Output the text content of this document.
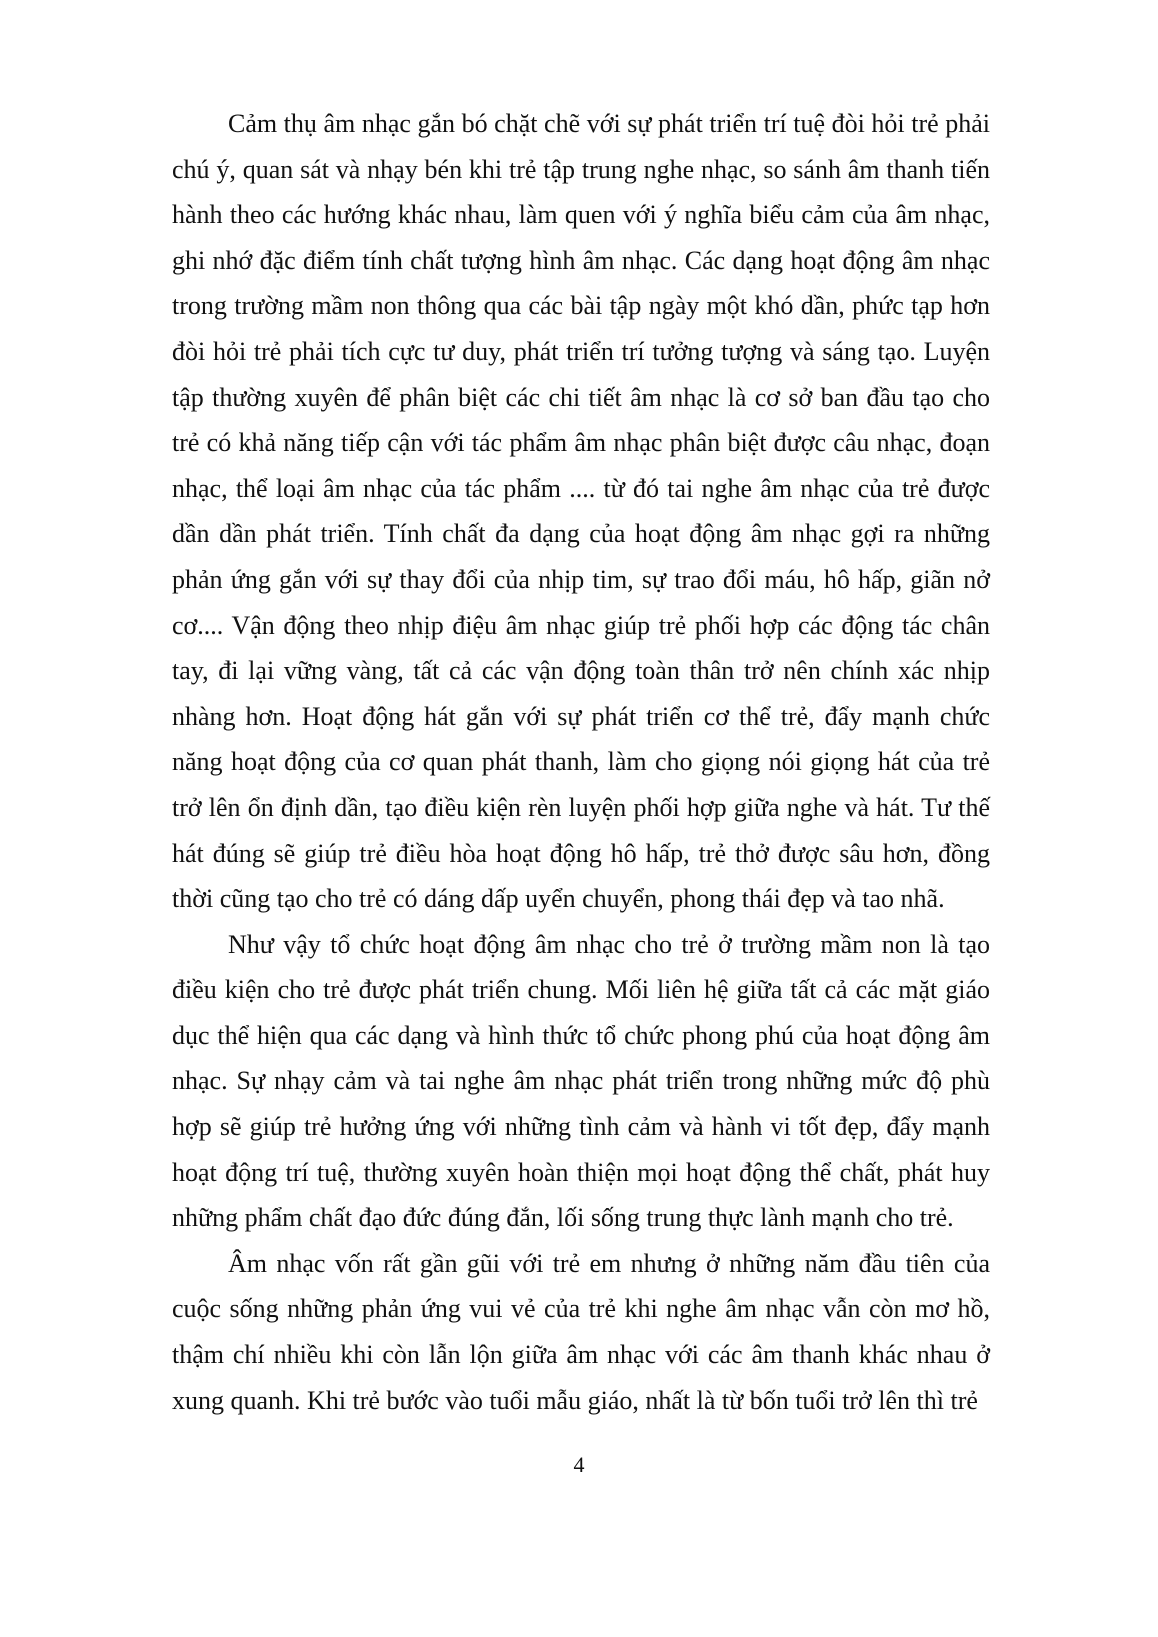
Cảm thụ âm nhạc gắn bó chặt chẽ với sự phát triển trí tuệ đòi hỏi trẻ phải chú ý, quan sát và nhạy bén khi trẻ tập trung nghe nhạc, so sánh âm thanh tiến hành theo các hướng khác nhau, làm quen với ý nghĩa biểu cảm của âm nhạc, ghi nhớ đặc điểm tính chất tượng hình âm nhạc. Các dạng hoạt động âm nhạc trong trường mầm non thông qua các bài tập ngày một khó dần, phức tạp hơn đòi hỏi trẻ phải tích cực tư duy, phát triển trí tưởng tượng và sáng tạo. Luyện tập thường xuyên để phân biệt các chi tiết âm nhạc là cơ sở ban đầu tạo cho trẻ có khả năng tiếp cận với tác phẩm âm nhạc phân biệt được câu nhạc, đoạn nhạc, thể loại âm nhạc của tác phẩm .... từ đó tai nghe âm nhạc của trẻ được dần dần phát triển. Tính chất đa dạng của hoạt động âm nhạc gợi ra những phản ứng gắn với sự thay đổi của nhịp tim, sự trao đổi máu, hô hấp, giãn nở cơ.... Vận động theo nhịp điệu âm nhạc giúp trẻ phối hợp các động tác chân tay, đi lại vững vàng, tất cả các vận động toàn thân trở nên chính xác nhịp nhàng hơn. Hoạt động hát gắn với sự phát triển cơ thể trẻ, đẩy mạnh chức năng hoạt động của cơ quan phát thanh, làm cho giọng nói giọng hát của trẻ trở lên ổn định dần, tạo điều kiện rèn luyện phối hợp giữa nghe và hát. Tư thế hát đúng sẽ giúp trẻ điều hòa hoạt động hô hấp, trẻ thở được sâu hơn, đồng thời cũng tạo cho trẻ có dáng dấp uyển chuyển, phong thái đẹp và tao nhã.

Như vậy tổ chức hoạt động âm nhạc cho trẻ ở trường mầm non là tạo điều kiện cho trẻ được phát triển chung. Mối liên hệ giữa tất cả các mặt giáo dục thể hiện qua các dạng và hình thức tổ chức phong phú của hoạt động âm nhạc. Sự nhạy cảm và tai nghe âm nhạc phát triển trong những mức độ phù hợp sẽ giúp trẻ hưởng ứng với những tình cảm và hành vi tốt đẹp, đẩy mạnh hoạt động trí tuệ, thường xuyên hoàn thiện mọi hoạt động thể chất, phát huy những phẩm chất đạo đức đúng đắn, lối sống trung thực lành mạnh cho trẻ.

Âm nhạc vốn rất gần gũi với trẻ em nhưng ở những năm đầu tiên của cuộc sống những phản ứng vui vẻ của trẻ khi nghe âm nhạc vẫn còn mơ hồ, thậm chí nhiều khi còn lẫn lộn giữa âm nhạc với các âm thanh khác nhau ở xung quanh. Khi trẻ bước vào tuổi mẫu giáo, nhất là từ bốn tuổi trở lên thì trẻ

4
